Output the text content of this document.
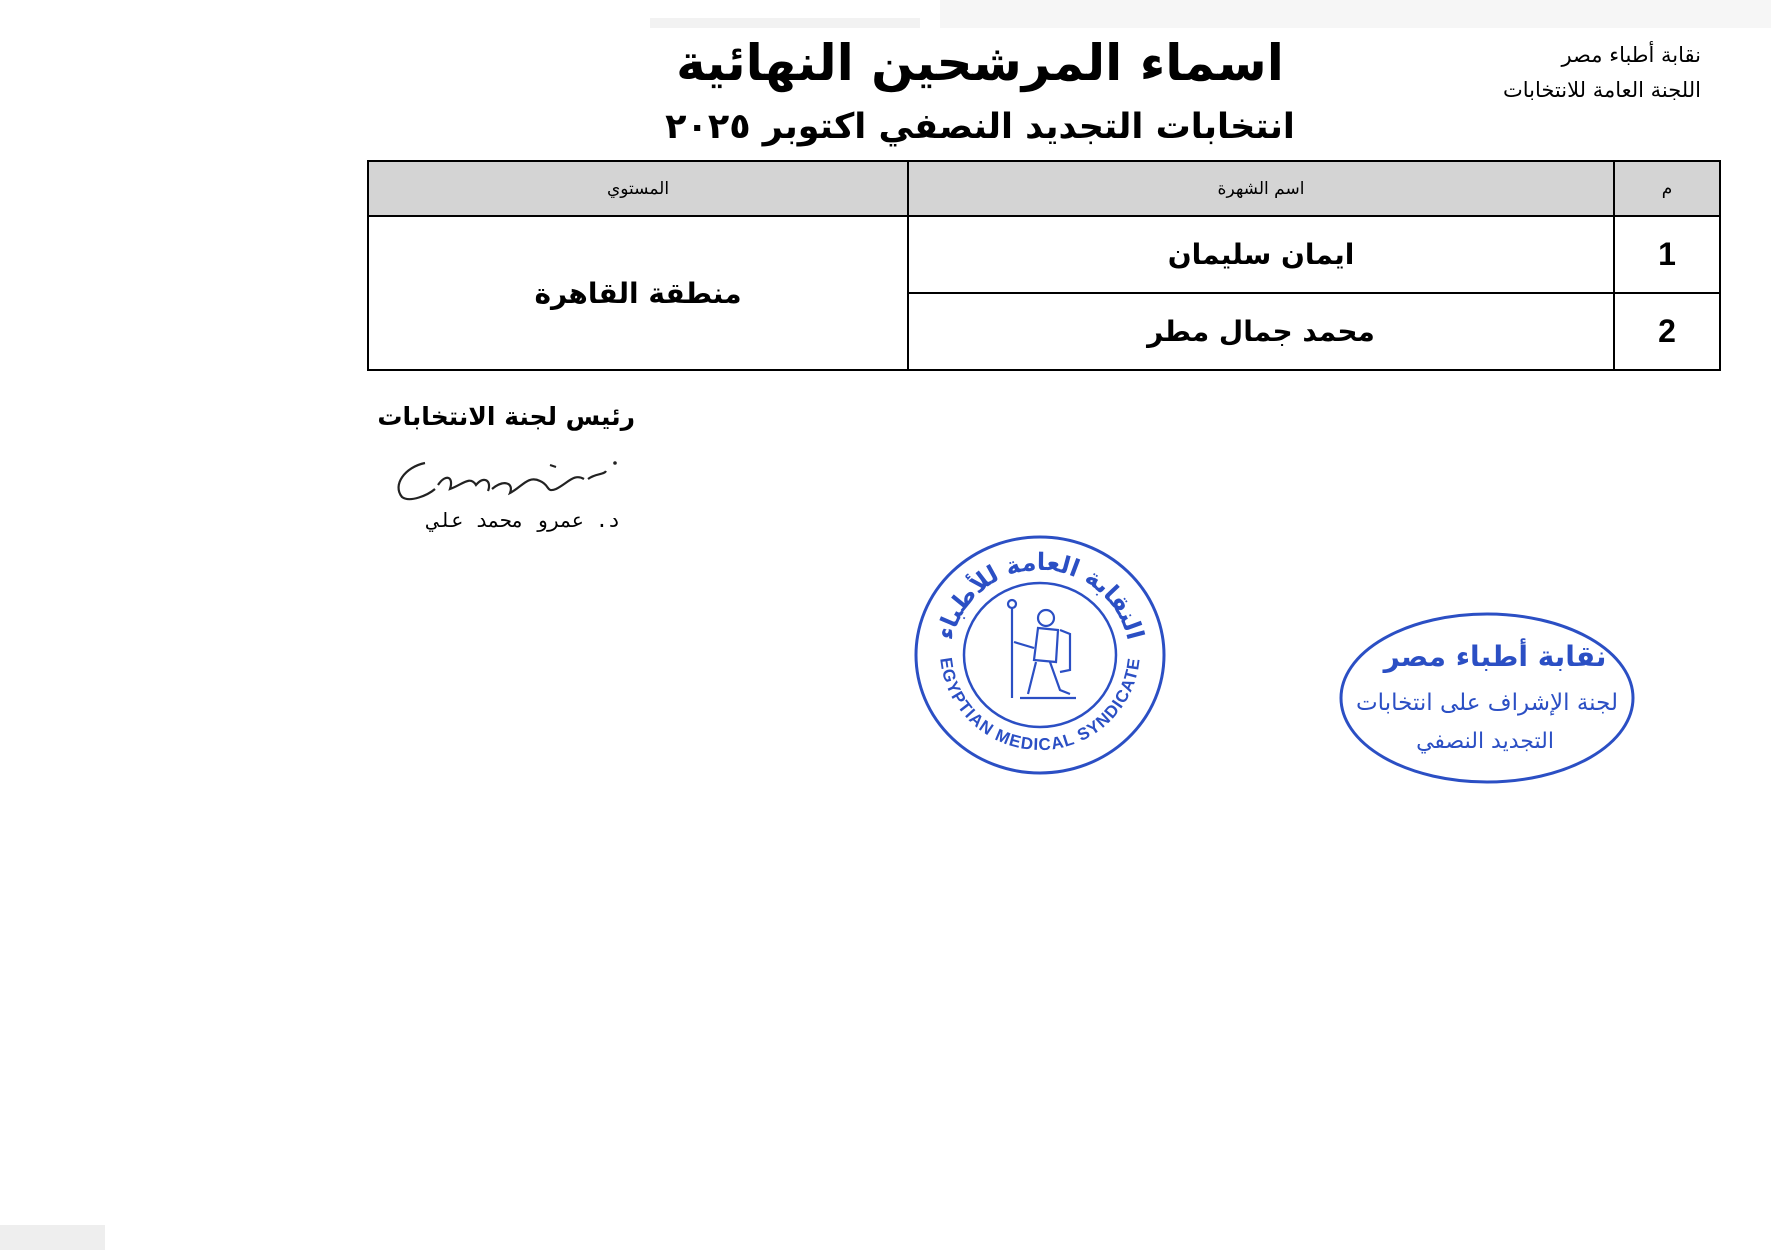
نقابة أطباء مصر
اللجنة العامة للانتخابات
اسماء المرشحين النهائية
انتخابات التجديد النصفي اكتوبر ٢٠٢٥
م	اسم الشهرة	المستوي
1	ايمان سليمان	منطقة القاهرة
2	محمد جمال مطر	
رئيس لجنة الانتخابات
د. عمرو محمد علي
النقابة العامة للأطباء
EGYPTIAN MEDICAL SYNDICATE	نقابة أطباء مصر
لجنة الإشراف على انتخابات
التجديد النصفي
